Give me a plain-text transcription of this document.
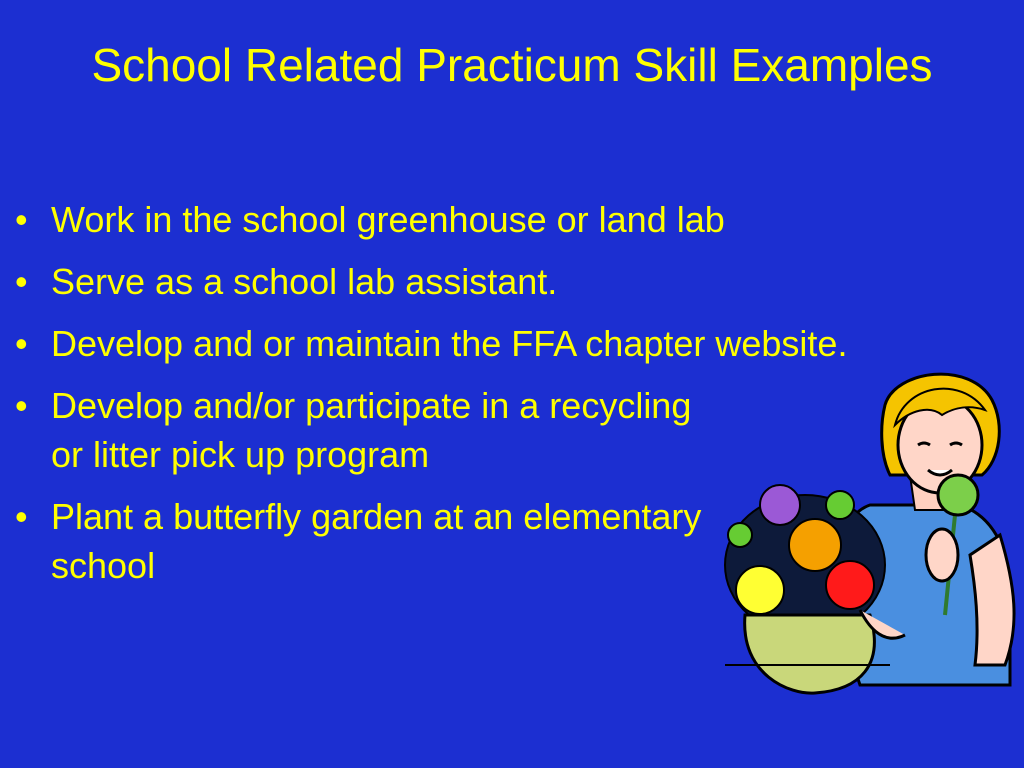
School Related Practicum Skill Examples
• Work in the school greenhouse or land lab
• Serve as a school lab assistant.
• Develop and or maintain the FFA chapter website.
• Develop and/or participate in a recycling or litter pick up program
• Plant a butterfly garden at an elementary school
